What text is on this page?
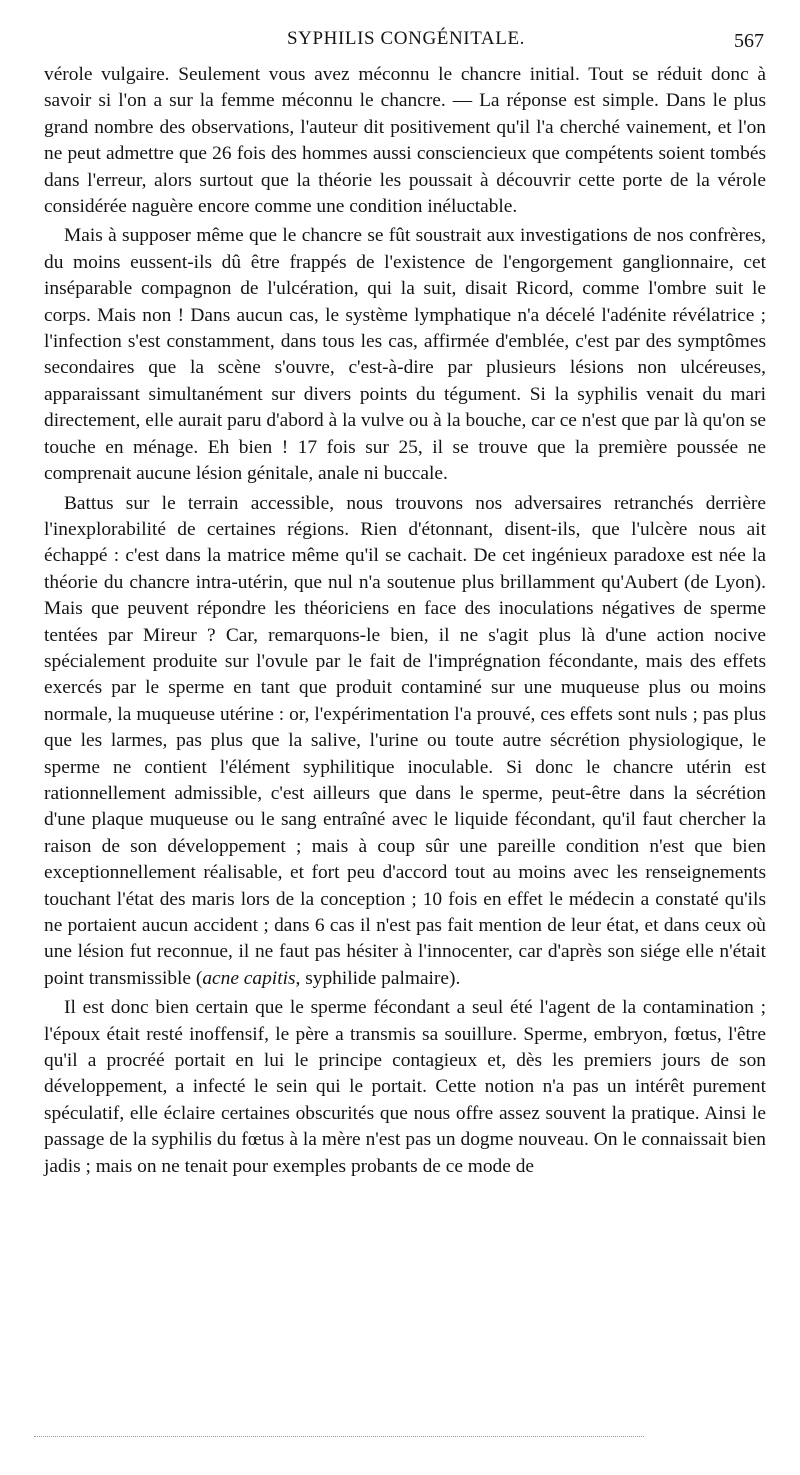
SYPHILIS CONGÉNITALE.	567

vérole vulgaire. Seulement vous avez méconnu le chancre initial. Tout se réduit donc à savoir si l'on a sur la femme méconnu le chancre. — La réponse est simple. Dans le plus grand nombre des observations, l'auteur dit positivement qu'il l'a cherché vainement, et l'on ne peut admettre que 26 fois des hommes aussi consciencieux que compétents soient tombés dans l'erreur, alors surtout que la théorie les poussait à découvrir cette porte de la vérole considérée naguère encore comme une condition inéluctable.

Mais à supposer même que le chancre se fût soustrait aux investigations de nos confrères, du moins eussent-ils dû être frappés de l'existence de l'engorgement ganglionnaire, cet inséparable compagnon de l'ulcération, qui la suit, disait Ricord, comme l'ombre suit le corps. Mais non ! Dans aucun cas, le système lymphatique n'a décelé l'adénite révélatrice ; l'infection s'est constamment, dans tous les cas, affirmée d'emblée, c'est par des symptômes secondaires que la scène s'ouvre, c'est-à-dire par plusieurs lésions non ulcéreuses, apparaissant simultanément sur divers points du tégument. Si la syphilis venait du mari directement, elle aurait paru d'abord à la vulve ou à la bouche, car ce n'est que par là qu'on se touche en ménage. Eh bien ! 17 fois sur 25, il se trouve que la première poussée ne comprenait aucune lésion génitale, anale ni buccale.

Battus sur le terrain accessible, nous trouvons nos adversaires retranchés derrière l'inexplorabilité de certaines régions. Rien d'étonnant, disent-ils, que l'ulcère nous ait échappé : c'est dans la matrice même qu'il se cachait. De cet ingénieux paradoxe est née la théorie du chancre intra-utérin, que nul n'a soutenue plus brillamment qu'Aubert (de Lyon). Mais que peuvent répondre les théoriciens en face des inoculations négatives de sperme tentées par Mireur ? Car, remarquons-le bien, il ne s'agit plus là d'une action nocive spécialement produite sur l'ovule par le fait de l'imprégnation fécondante, mais des effets exercés par le sperme en tant que produit contaminé sur une muqueuse plus ou moins normale, la muqueuse utérine : or, l'expérimentation l'a prouvé, ces effets sont nuls ; pas plus que les larmes, pas plus que la salive, l'urine ou toute autre sécrétion physiologique, le sperme ne contient l'élément syphilitique inoculable. Si donc le chancre utérin est rationnellement admissible, c'est ailleurs que dans le sperme, peut-être dans la sécrétion d'une plaque muqueuse ou le sang entraîné avec le liquide fécondant, qu'il faut chercher la raison de son développement ; mais à coup sûr une pareille condition n'est que bien exceptionnellement réalisable, et fort peu d'accord tout au moins avec les renseignements touchant l'état des maris lors de la conception ; 10 fois en effet le médecin a constaté qu'ils ne portaient aucun accident ; dans 6 cas il n'est pas fait mention de leur état, et dans ceux où une lésion fut reconnue, il ne faut pas hésiter à l'innocenter, car d'après son siége elle n'était point transmissible (acne capitis, syphilide palmaire).

Il est donc bien certain que le sperme fécondant a seul été l'agent de la contamination ; l'époux était resté inoffensif, le père a transmis sa souillure. Sperme, embryon, fœtus, l'être qu'il a procréé portait en lui le principe contagieux et, dès les premiers jours de son développement, a infecté le sein qui le portait. Cette notion n'a pas un intérêt purement spéculatif, elle éclaire certaines obscurités que nous offre assez souvent la pratique. Ainsi le passage de la syphilis du fœtus à la mère n'est pas un dogme nouveau. On le connaissait bien jadis ; mais on ne tenait pour exemples probants de ce mode de
